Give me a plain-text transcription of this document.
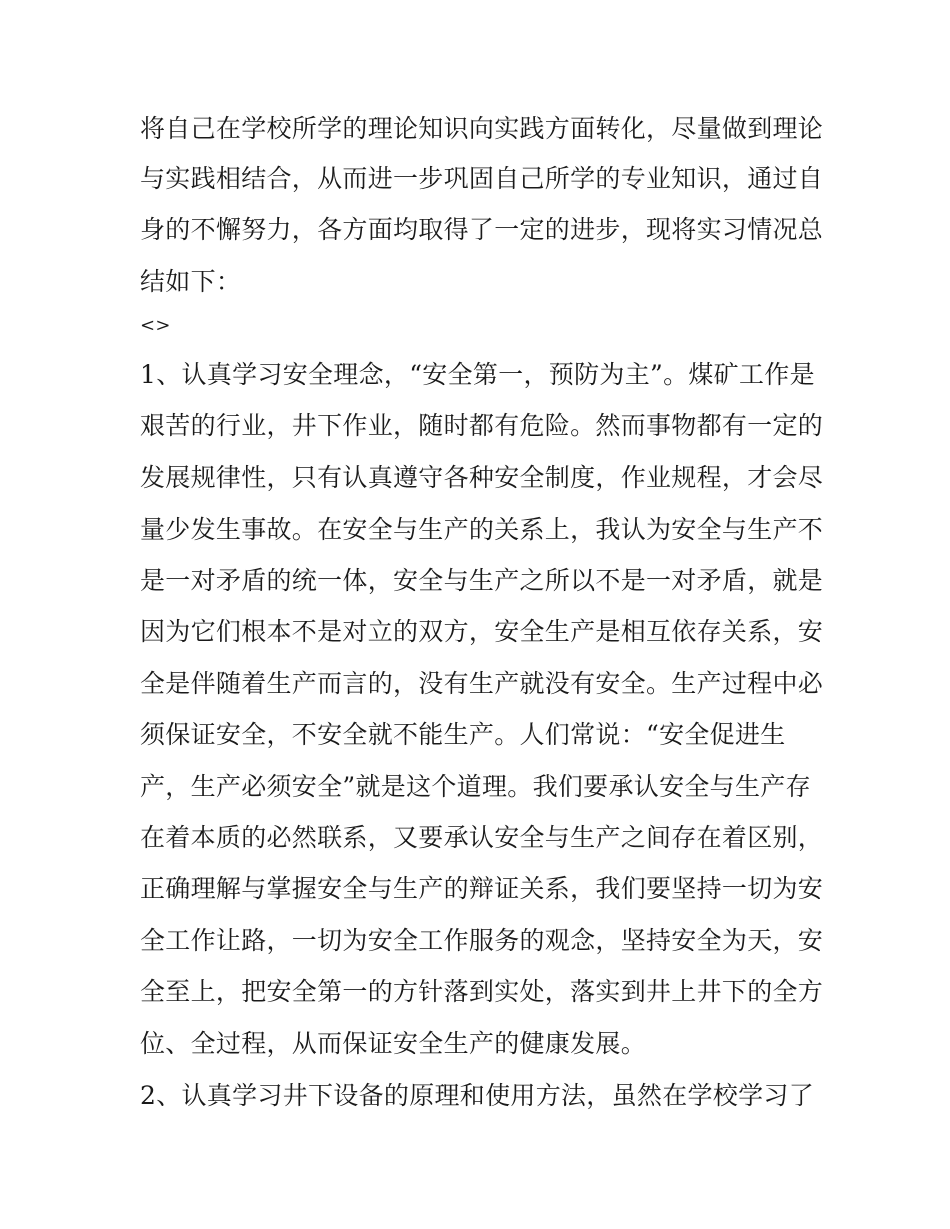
将自己在学校所学的理论知识向实践方面转化，尽量做到理论
与实践相结合，从而进一步巩固自己所学的专业知识，通过自
身的不懈努力，各方面均取得了一定的进步，现将实习情况总
结如下：
<>
1、认真学习安全理念，“安全第一，预防为主”。煤矿工作是
艰苦的行业，井下作业，随时都有危险。然而事物都有一定的
发展规律性，只有认真遵守各种安全制度，作业规程，才会尽
量少发生事故。在安全与生产的关系上，我认为安全与生产不
是一对矛盾的统一体，安全与生产之所以不是一对矛盾，就是
因为它们根本不是对立的双方，安全生产是相互依存关系，安
全是伴随着生产而言的，没有生产就没有安全。生产过程中必
须保证安全，不安全就不能生产。人们常说：“安全促进生
产，生产必须安全”就是这个道理。我们要承认安全与生产存
在着本质的必然联系，又要承认安全与生产之间存在着区别，
正确理解与掌握安全与生产的辩证关系，我们要坚持一切为安
全工作让路，一切为安全工作服务的观念，坚持安全为天，安
全至上，把安全第一的方针落到实处，落实到井上井下的全方
位、全过程，从而保证安全生产的健康发展。
2、认真学习井下设备的原理和使用方法，虽然在学校学习了
